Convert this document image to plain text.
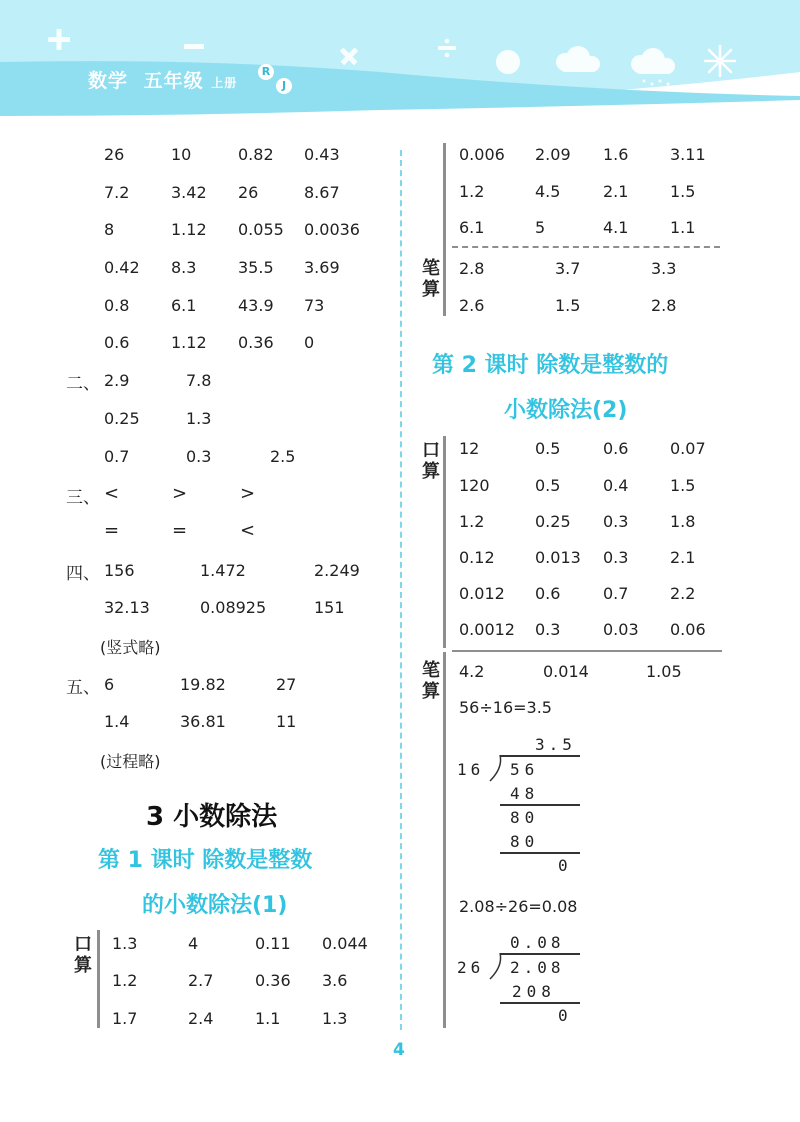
数学 五年级 上册
R
J
26	10	0.82 0.43
7.2	3.42 26	8.67
8	1.12 0.055 0.0036
0.42 8.3	35.5 3.69
0.8	6.1	43.9 73
0.6	1.12 0.36 0
二、 2.9	7.8
0.25	1.3
0.7	0.3	2.5
三、 <	>	>
=	=	<
四、 156	1.472	2.249
32.13	0.08925	151
(竖式略)
五、 6	19.82	27
1.4	36.81	11
(过程略)
3 小数除法
第 1 课时 除数是整数
的小数除法(1)
口算
1.3	4	0.11 0.044
1.2	2.7	0.36 3.6
1.7	2.4	1.1	1.3
0.006 2.09 1.6	3.11
1.2	4.5	2.1	1.5
6.1	5	4.1	1.1
笔算
2.8	3.7	3.3
2.6	1.5	2.8
第 2 课时 除数是整数的
小数除法(2)
口算
12	0.5	0.6	0.07
120	0.5	0.4	1.5
1.2	0.25 0.3	1.8
0.12	0.013 0.3	2.1
0.012 0.6	0.7	2.2
0.0012 0.3	0.03 0.06
笔算
4.2	0.014	1.05
56÷16=3.5
3.5
16 56
48
80
80
0
2.08÷26=0.08
0.08
26 2.08
208
0
4
